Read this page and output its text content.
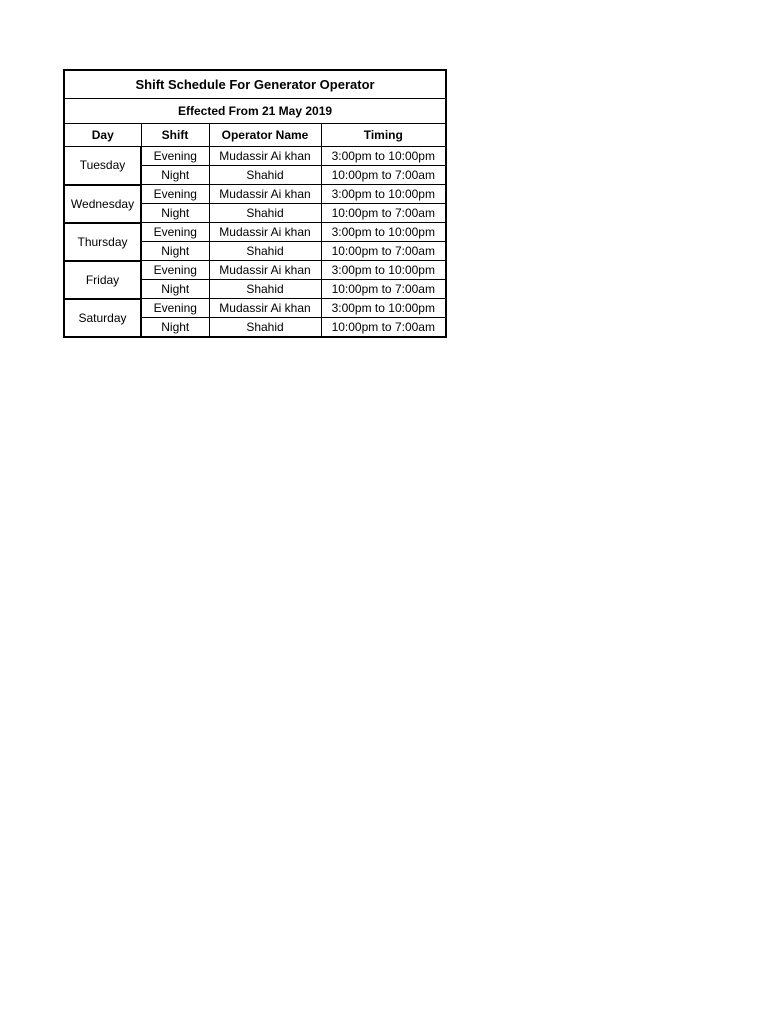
Shift Schedule For Generator Operator			
Effected From 21 May 2019			
Day	Shift	Operator Name	Timing
Tuesday	Evening	Mudassir Ai khan	3:00pm to 10:00pm
	Night	Shahid	10:00pm to 7:00am
Wednesday	Evening	Mudassir Ai khan	3:00pm to 10:00pm
	Night	Shahid	10:00pm to 7:00am
Thursday	Evening	Mudassir Ai khan	3:00pm to 10:00pm
	Night	Shahid	10:00pm to 7:00am
Friday	Evening	Mudassir Ai khan	3:00pm to 10:00pm
	Night	Shahid	10:00pm to 7:00am
Saturday	Evening	Mudassir Ai khan	3:00pm to 10:00pm
	Night	Shahid	10:00pm to 7:00am
